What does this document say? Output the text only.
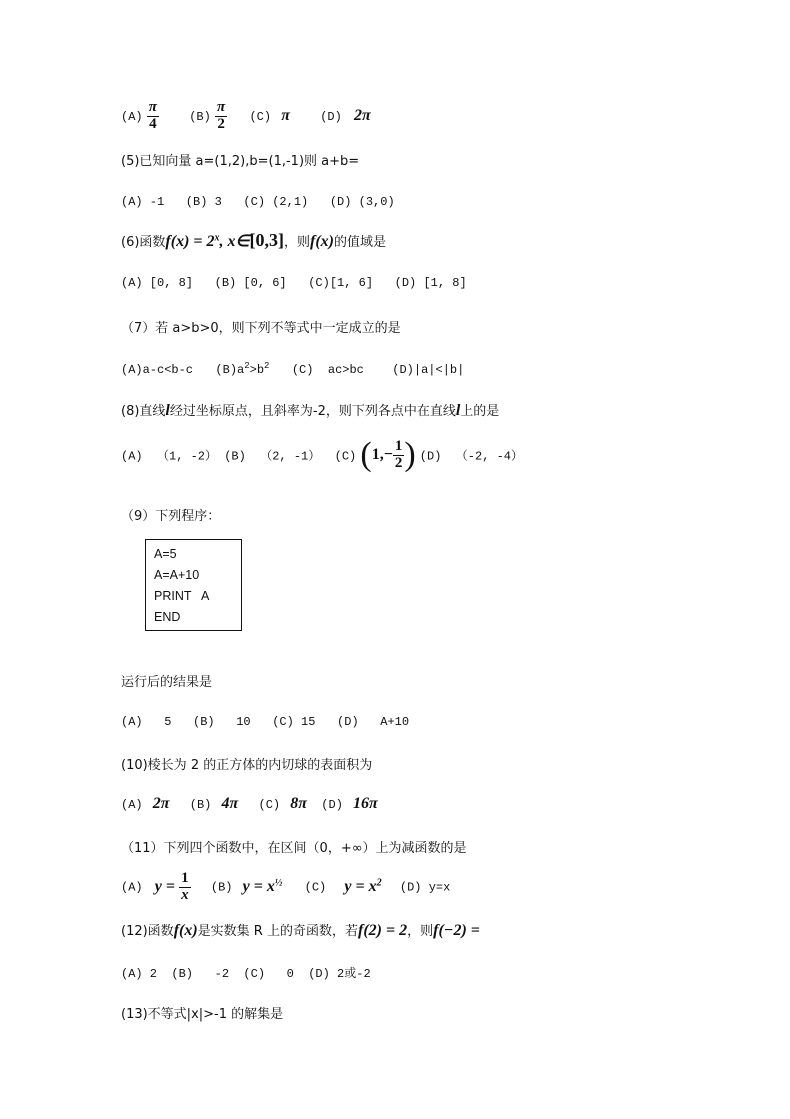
$(A) \frac{\pi}{4}$	$(B) \frac{\pi}{2} (C)$ π	(D) 2π
(5)已知向量 a=(1,2),b=(1,-1)则 a+b=
(A) -1   (B) 3   (C) (2,1)   (D) (3,0)
(6)函数$f(x) = 2^x$, x∈[0,3]，则f(x)的值域是
(A) [0, 8]   (B) [0, 6]   (C)[1, 6]   (D) [1, 8]
（7）若 a>b>0，则下列不等式中一定成立的是
(A)a-c<b-c $(B)a^2>b^2$ (C)  ac>bc (D)|a|<|b|
(8)直线l经过坐标原点，且斜率为-2，则下列各点中在直线l上的是
(A)  （1, -2） (B)  （2, -1）  (C) ($1,- \frac{1}{2}$ ) (D)  （-2, -4）
（9）下列程序：
A=5
A=A+10
PRINT   A
END
运行后的结果是
(A)   5   (B)   10   (C) 15   (D)   A+10
(10)棱长为 2 的正方体的内切球的表面积为
(A) 2π (B) 4π (C) 8π (D) 16π
（11）下列四个函数中，在区间（0，+∞）上为减函数的是
(A) $y = \frac{1}{x} (B) y = x^{\frac{1}{2}}$ (C) $y = x^2$ (D) y=x
(12)函数f(x)是实数集 R 上的奇函数，若f(2) = 2，则f(−2) =
(A) 2  (B)   -2  (C)   0  (D) 2或-2
(13)不等式|x|>-1 的解集是
